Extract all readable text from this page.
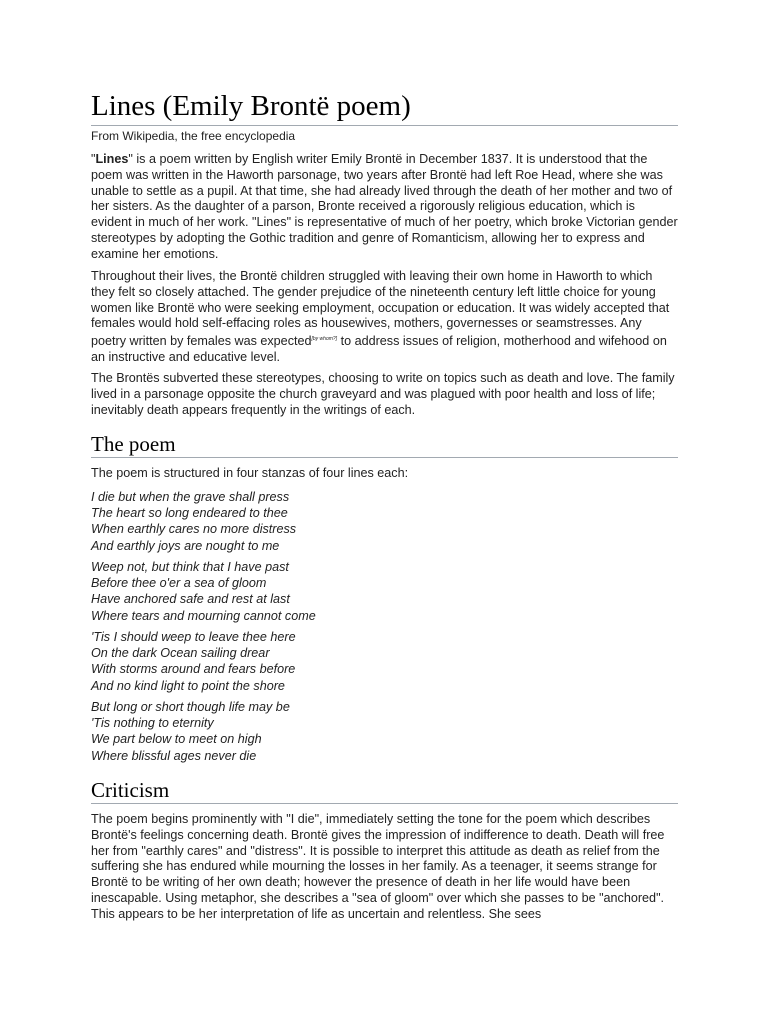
Lines (Emily Brontë poem)
From Wikipedia, the free encyclopedia

"Lines" is a poem written by English writer Emily Brontë in December 1837. It is understood that the poem was written in the Haworth parsonage, two years after Brontë had left Roe Head, where she was unable to settle as a pupil. At that time, she had already lived through the death of her mother and two of her sisters. As the daughter of a parson, Bronte received a rigorously religious education, which is evident in much of her work. "Lines" is representative of much of her poetry, which broke Victorian gender stereotypes by adopting the Gothic tradition and genre of Romanticism, allowing her to express and examine her emotions.

Throughout their lives, the Brontë children struggled with leaving their own home in Haworth to which they felt so closely attached. The gender prejudice of the nineteenth century left little choice for young women like Brontë who were seeking employment, occupation or education. It was widely accepted that females would hold self-effacing roles as housewives, mothers, governesses or seamstresses. Any poetry written by females was expected[by whom?] to address issues of religion, motherhood and wifehood on an instructive and educative level.

The Brontës subverted these stereotypes, choosing to write on topics such as death and love. The family lived in a parsonage opposite the church graveyard and was plagued with poor health and loss of life; inevitably death appears frequently in the writings of each.

The poem

The poem is structured in four stanzas of four lines each:

I die but when the grave shall press
The heart so long endeared to thee
When earthly cares no more distress
And earthly joys are nought to me

Weep not, but think that I have past
Before thee o'er a sea of gloom
Have anchored safe and rest at last
Where tears and mourning cannot come

'Tis I should weep to leave thee here
On the dark Ocean sailing drear
With storms around and fears before
And no kind light to point the shore

But long or short though life may be
'Tis nothing to eternity
We part below to meet on high
Where blissful ages never die

Criticism

The poem begins prominently with "I die", immediately setting the tone for the poem which describes Brontë's feelings concerning death. Brontë gives the impression of indifference to death. Death will free her from "earthly cares" and "distress". It is possible to interpret this attitude as death as relief from the suffering she has endured while mourning the losses in her family. As a teenager, it seems strange for Brontë to be writing of her own death; however the presence of death in her life would have been inescapable. Using metaphor, she describes a "sea of gloom" over which she passes to be "anchored". This appears to be her interpretation of life as uncertain and relentless. She sees
